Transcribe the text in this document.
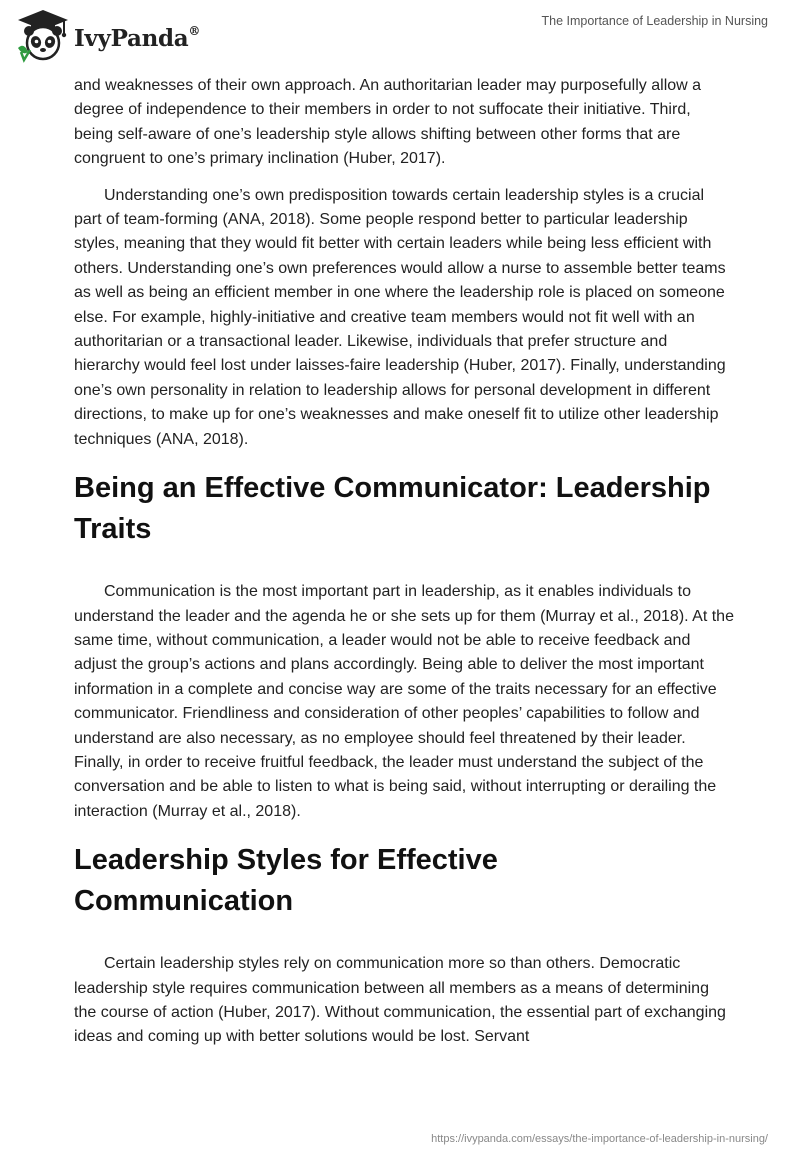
IvyPanda®
The Importance of Leadership in Nursing

and weaknesses of their own approach. An authoritarian leader may purposefully allow a degree of independence to their members in order to not suffocate their initiative. Third, being self-aware of one’s leadership style allows shifting between other forms that are congruent to one’s primary inclination (Huber, 2017).

Understanding one’s own predisposition towards certain leadership styles is a crucial part of team-forming (ANA, 2018). Some people respond better to particular leadership styles, meaning that they would fit better with certain leaders while being less efficient with others. Understanding one’s own preferences would allow a nurse to assemble better teams as well as being an efficient member in one where the leadership role is placed on someone else. For example, highly-initiative and creative team members would not fit well with an authoritarian or a transactional leader. Likewise, individuals that prefer structure and hierarchy would feel lost under laisses-faire leadership (Huber, 2017). Finally, understanding one’s own personality in relation to leadership allows for personal development in different directions, to make up for one’s weaknesses and make oneself fit to utilize other leadership techniques (ANA, 2018).

Being an Effective Communicator: Leadership Traits

Communication is the most important part in leadership, as it enables individuals to understand the leader and the agenda he or she sets up for them (Murray et al., 2018). At the same time, without communication, a leader would not be able to receive feedback and adjust the group’s actions and plans accordingly. Being able to deliver the most important information in a complete and concise way are some of the traits necessary for an effective communicator. Friendliness and consideration of other peoples’ capabilities to follow and understand are also necessary, as no employee should feel threatened by their leader. Finally, in order to receive fruitful feedback, the leader must understand the subject of the conversation and be able to listen to what is being said, without interrupting or derailing the interaction (Murray et al., 2018).

Leadership Styles for Effective Communication

Certain leadership styles rely on communication more so than others. Democratic leadership style requires communication between all members as a means of determining the course of action (Huber, 2017). Without communication, the essential part of exchanging ideas and coming up with better solutions would be lost. Servant

https://ivypanda.com/essays/the-importance-of-leadership-in-nursing/
